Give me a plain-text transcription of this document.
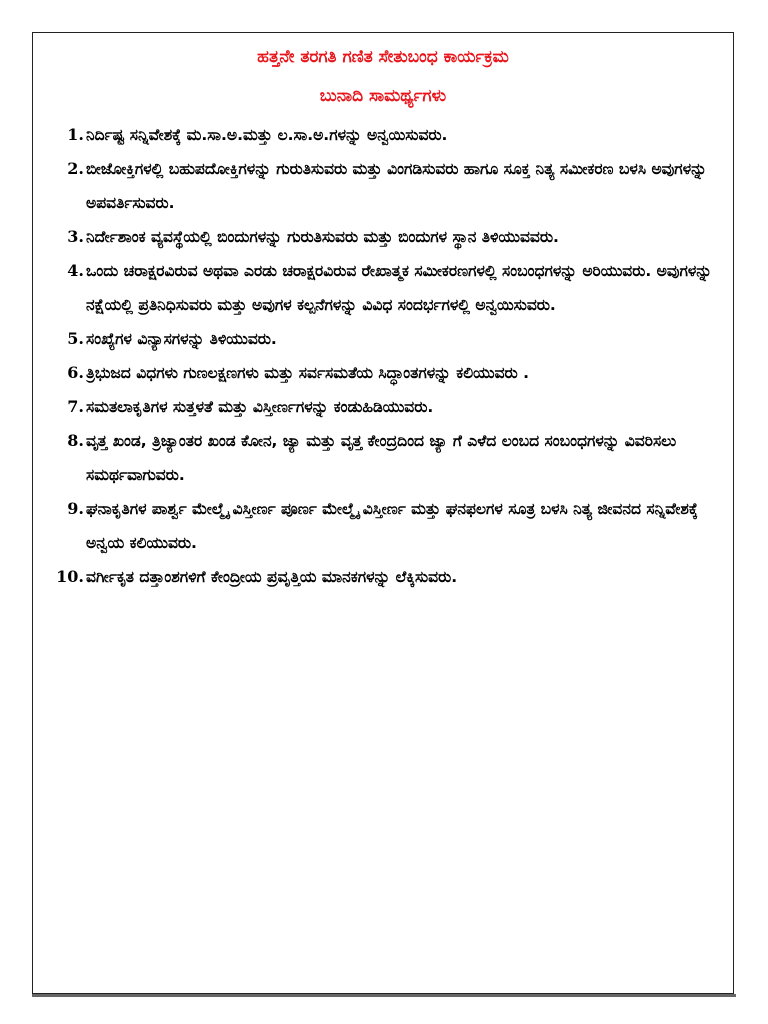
ಹತ್ತನೇ ತರಗತಿ ಗಣಿತ ಸೇತುಬಂಧ ಕಾರ್ಯಕ್ರಮ
ಬುನಾದಿ ಸಾಮರ್ಥ್ಯಗಳು
1. ನಿರ್ದಿಷ್ಟ ಸನ್ನಿವೇಶಕ್ಕೆ ಮ.ಸಾ.ಅ.ಮತ್ತು ಲ.ಸಾ.ಅ.ಗಳನ್ನು ಅನ್ವಯಿಸುವರು.
2. ಬೀಜೋಕ್ತಿಗಳಲ್ಲಿ ಬಹುಪದೋಕ್ತಿಗಳನ್ನು ಗುರುತಿಸುವರು ಮತ್ತು ವಿಂಗಡಿಸುವರು ಹಾಗೂ ಸೂಕ್ತ ನಿತ್ಯ ಸಮೀಕರಣ ಬಳಸಿ ಅವುಗಳನ್ನು ಅಪವರ್ತಿಸುವರು.
3. ನಿರ್ದೇಶಾಂಕ ವ್ಯವಸ್ಥೆಯಲ್ಲಿ ಬಿಂದುಗಳನ್ನು ಗುರುತಿಸುವರು ಮತ್ತು ಬಿಂದುಗಳ ಸ್ಥಾನ ತಿಳಿಯುವವರು.
4. ಒಂದು ಚರಾಕ್ಷರವಿರುವ ಅಥವಾ ಎರಡು ಚರಾಕ್ಷರವಿರುವ ರೇಖಾತ್ಮಕ ಸಮೀಕರಣಗಳಲ್ಲಿ ಸಂಬಂಧಗಳನ್ನು ಅರಿಯುವರು. ಅವುಗಳನ್ನು ನಕ್ಷೆಯಲ್ಲಿ ಪ್ರತಿನಿಧಿಸುವರು ಮತ್ತು ಅವುಗಳ ಕಲ್ಪನೆಗಳನ್ನು ವಿವಿಧ ಸಂದರ್ಭಗಳಲ್ಲಿ ಅನ್ವಯಿಸುವರು.
5. ಸಂಖ್ಯೆಗಳ ವಿನ್ಯಾಸಗಳನ್ನು ತಿಳಿಯುವರು.
6. ತ್ರಿಭುಜದ ವಿಧಗಳು ಗುಣಲಕ್ಷಣಗಳು ಮತ್ತು ಸರ್ವಸಮತೆಯ ಸಿದ್ಧಾಂತಗಳನ್ನು ಕಲಿಯುವರು .
7. ಸಮತಲಾಕೃತಿಗಳ ಸುತ್ತಳತೆ ಮತ್ತು ವಿಸ್ತೀರ್ಣಗಳನ್ನು ಕಂಡುಹಿಡಿಯುವರು.
8. ವೃತ್ತ ಖಂಡ, ತ್ರಿಜ್ಯಾಂತರ ಖಂಡ ಕೋನ, ಜ್ಯಾ ಮತ್ತು ವೃತ್ತ ಕೇಂದ್ರದಿಂದ ಜ್ಯಾ ಗೆ ಎಳೆದ ಲಂಬದ ಸಂಬಂಧಗಳನ್ನು ವಿವರಿಸಲು ಸಮರ್ಥವಾಗುವರು.
9. ಘನಾಕೃತಿಗಳ ಪಾರ್ಶ್ವ ಮೇಲ್ಮೈ ವಿಸ್ತೀರ್ಣ ಪೂರ್ಣ ಮೇಲ್ಮೈ ವಿಸ್ತೀರ್ಣ ಮತ್ತು ಘನಫಲಗಳ ಸೂತ್ರ ಬಳಸಿ ನಿತ್ಯ ಜೀವನದ ಸನ್ನಿವೇಶಕ್ಕೆ ಅನ್ವಯ ಕಲಿಯುವರು.
10. ವರ್ಗೀಕೃತ ದತ್ತಾಂಶಗಳಿಗೆ ಕೇಂದ್ರೀಯ ಪ್ರವೃತ್ತಿಯ ಮಾನಕಗಳನ್ನು ಲೆಕ್ಕಿಸುವರು.
